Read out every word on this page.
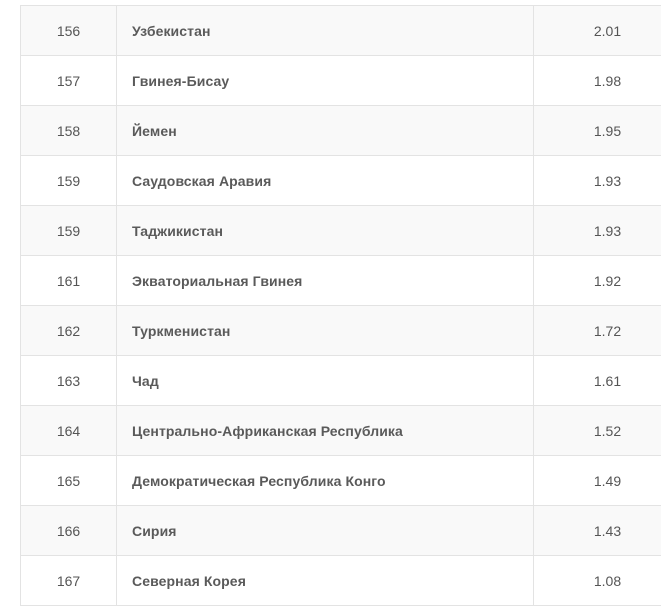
156	Узбекистан	2.01
157	Гвинея-Бисау	1.98
158	Йемен	1.95
159	Саудовская Аравия	1.93
159	Таджикистан	1.93
161	Экваториальная Гвинея	1.92
162	Туркменистан	1.72
163	Чад	1.61
164	Центрально-Африканская Республика	1.52
165	Демократическая Республика Конго	1.49
166	Сирия	1.43
167	Северная Корея	1.08
